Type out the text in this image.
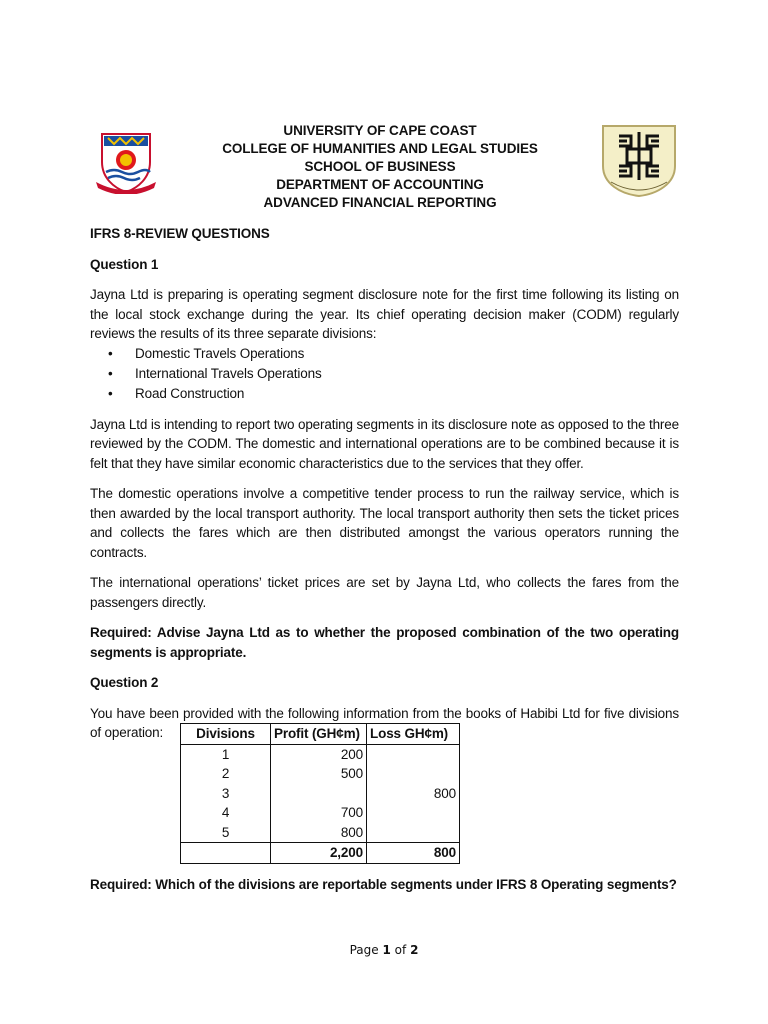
UNIVERSITY OF CAPE COAST
COLLEGE OF HUMANITIES AND LEGAL STUDIES
SCHOOL OF BUSINESS
DEPARTMENT OF ACCOUNTING
ADVANCED FINANCIAL REPORTING

IFRS 8-REVIEW QUESTIONS

Question 1

Jayna Ltd is preparing is operating segment disclosure note for the first time following its listing on the local stock exchange during the year. Its chief operating decision maker (CODM) regularly reviews the results of its three separate divisions:

• Domestic Travels Operations
• International Travels Operations
• Road Construction

Jayna Ltd is intending to report two operating segments in its disclosure note as opposed to the three reviewed by the CODM. The domestic and international operations are to be combined because it is felt that they have similar economic characteristics due to the services that they offer.

The domestic operations involve a competitive tender process to run the railway service, which is then awarded by the local transport authority. The local transport authority then sets the ticket prices and collects the fares which are then distributed amongst the various operators running the contracts.

The international operations’ ticket prices are set by Jayna Ltd, who collects the fares from the passengers directly.

Required: Advise Jayna Ltd as to whether the proposed combination of the two operating segments is appropriate.

Question 2

You have been provided with the following information from the books of Habibi Ltd for five divisions of operation:	Divisions	Profit (GH¢m)	Loss GH¢m)
1	200	
2	500	
3		800
4	700	
5	800	
	2,200	800
Required: Which of the divisions are reportable segments under IFRS 8 Operating segments?
Page 1 of 2
